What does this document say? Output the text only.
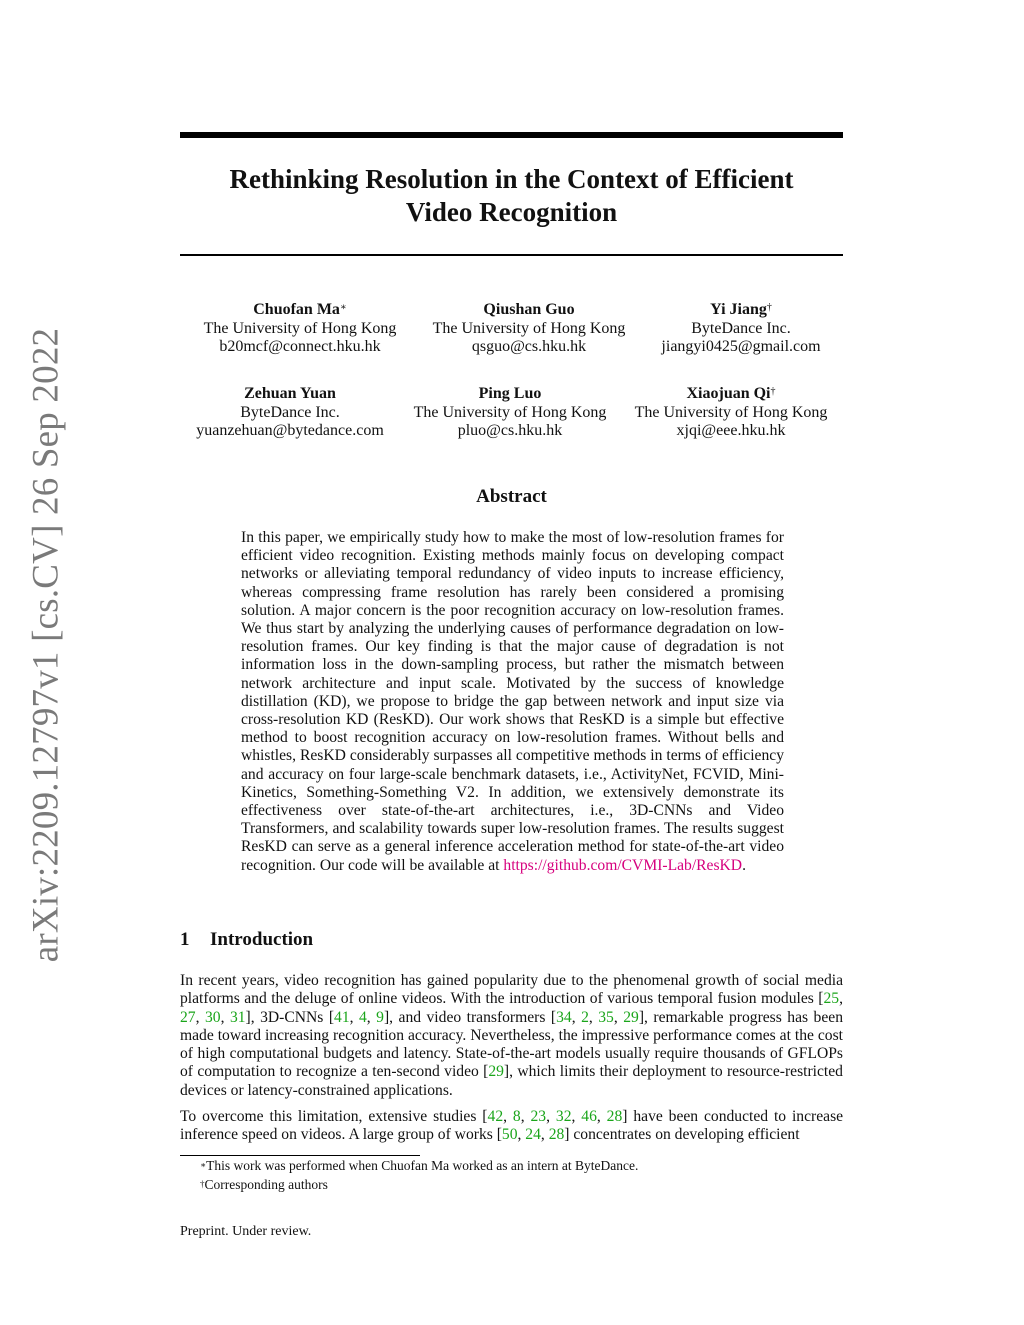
arXiv:2209.12797v1 [cs.CV] 26 Sep 2022
Rethinking Resolution in the Context of Efficient
Video Recognition
Chuofan Ma∗
The University of Hong Kong
b20mcf@connect.hku.hk
Qiushan Guo
The University of Hong Kong
qsguo@cs.hku.hk
Yi Jiang†
ByteDance Inc.
jiangyi0425@gmail.com
Zehuan Yuan
ByteDance Inc.
yuanzehuan@bytedance.com
Ping Luo
The University of Hong Kong
pluo@cs.hku.hk
Xiaojuan Qi†
The University of Hong Kong
xjqi@eee.hku.hk
Abstract
In this paper, we empirically study how to make the most of low-resolution frames for efficient video recognition. Existing methods mainly focus on developing compact networks or alleviating temporal redundancy of video inputs to increase efficiency, whereas compressing frame resolution has rarely been considered a promising solution. A major concern is the poor recognition accuracy on low-resolution frames. We thus start by analyzing the underlying causes of performance degradation on low-resolution frames. Our key finding is that the major cause of degradation is not information loss in the down-sampling process, but rather the mismatch between network architecture and input scale. Motivated by the success of knowledge distillation (KD), we propose to bridge the gap between network and input size via cross-resolution KD (ResKD). Our work shows that ResKD is a simple but effective method to boost recognition accuracy on low-resolution frames. Without bells and whistles, ResKD considerably surpasses all competitive methods in terms of efficiency and accuracy on four large-scale benchmark datasets, i.e., ActivityNet, FCVID, Mini-Kinetics, Something-Something V2. In addition, we extensively demonstrate its effectiveness over state-of-the-art architectures, i.e., 3D-CNNs and Video Transformers, and scalability towards super low-resolution frames. The results suggest ResKD can serve as a general inference acceleration method for state-of-the-art video recognition. Our code will be available at https://github.com/CVMI-Lab/ResKD.
1 Introduction
In recent years, video recognition has gained popularity due to the phenomenal growth of social media platforms and the deluge of online videos. With the introduction of various temporal fusion modules [25, 27, 30, 31], 3D-CNNs [41, 4, 9], and video transformers [34, 2, 35, 29], remarkable progress has been made toward increasing recognition accuracy. Nevertheless, the impressive performance comes at the cost of high computational budgets and latency. State-of-the-art models usually require thousands of GFLOPs of computation to recognize a ten-second video [29], which limits their deployment to resource-restricted devices or latency-constrained applications.
To overcome this limitation, extensive studies [42, 8, 23, 32, 46, 28] have been conducted to increase inference speed on videos. A large group of works [50, 24, 28] concentrates on developing efficient
∗This work was performed when Chuofan Ma worked as an intern at ByteDance.
†Corresponding authors
Preprint. Under review.
